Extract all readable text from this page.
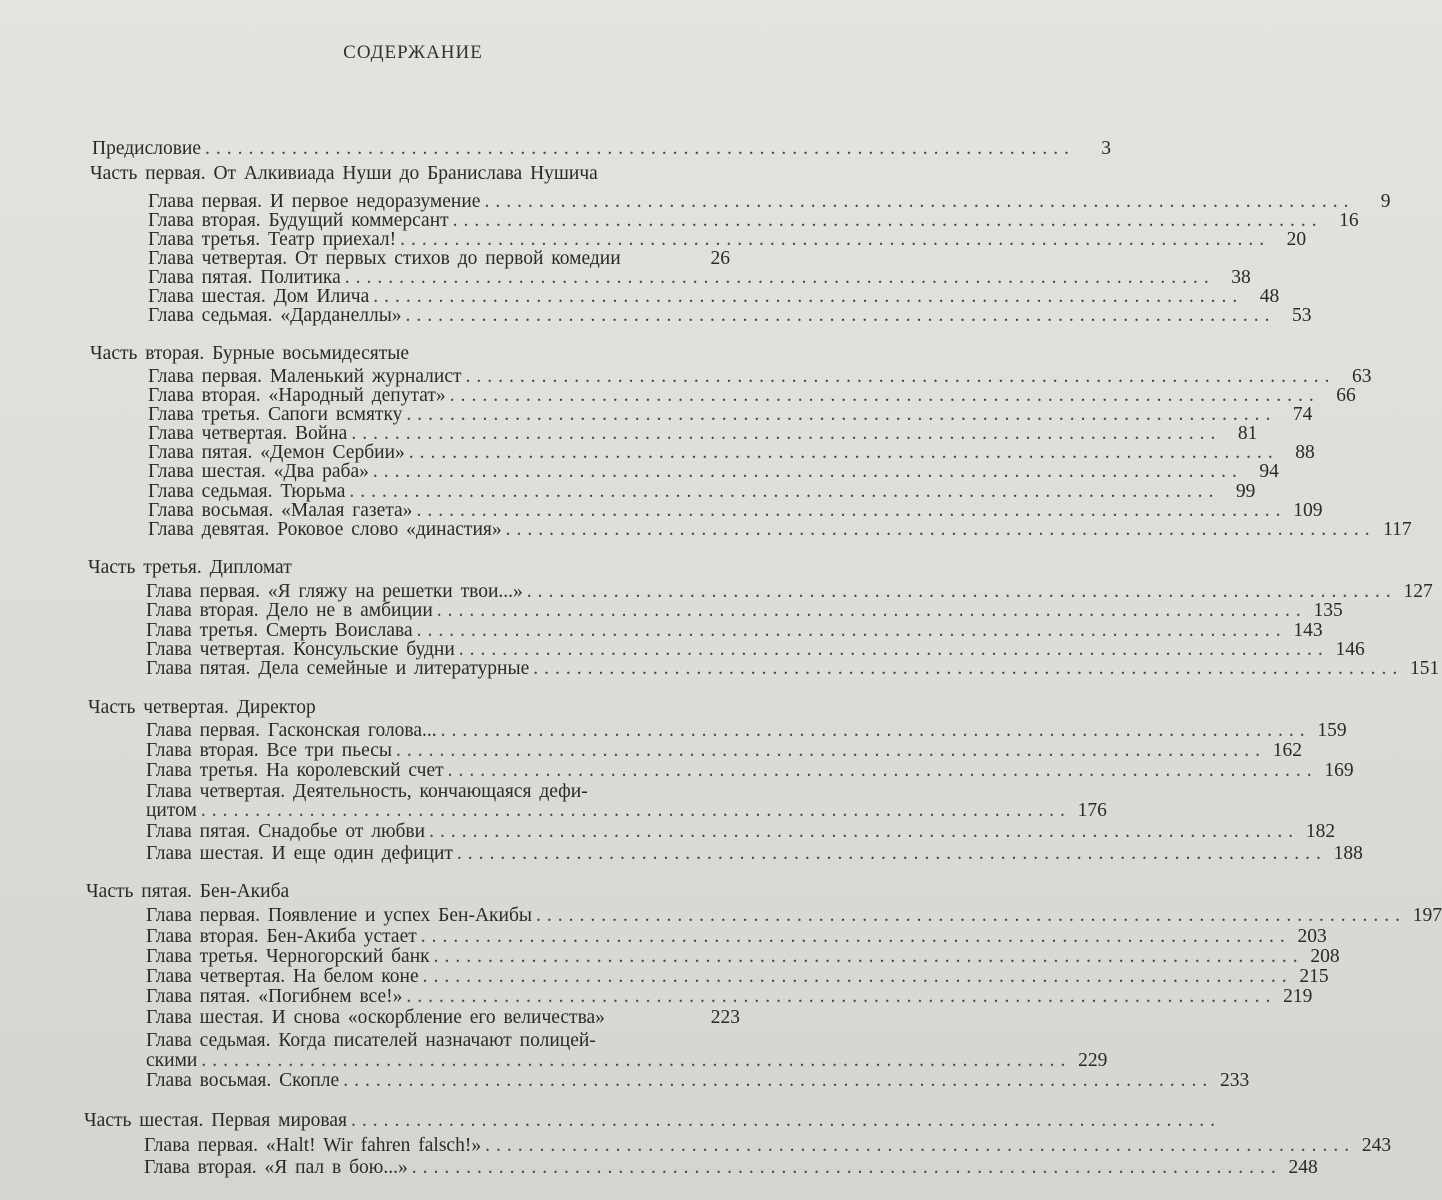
СОДЕРЖАНИЕ
Предисловие ................................................................................	3
Часть первая. От Алкивиада Нуши до Бранислава Нушича
Глава первая. И первое недоразумение ................................................................................	9
Глава вторая. Будущий коммерсант ................................................................................ 16
Глава третья. Театр приехал! ................................................................................ 20
Глава четвертая. От первых стихов до первой комедии	26
Глава пятая. Политика ................................................................................ 38
Глава шестая. Дом Илича ................................................................................ 48
Глава седьмая. «Дарданеллы» ................................................................................ 53
Часть вторая. Бурные восьмидесятые
Глава первая. Маленький журналист ................................................................................ 63
Глава вторая. «Народный депутат» ................................................................................ 66
Глава третья. Сапоги всмятку ................................................................................ 74
Глава четвертая. Война ................................................................................ 81
Глава пятая. «Демон Сербии» ................................................................................ 88
Глава шестая. «Два раба» ................................................................................ 94
Глава седьмая. Тюрьма ................................................................................ 99
Глава восьмая. «Малая газета» ................................................................................ 109
Глава девятая. Роковое слово «династия» ................................................................................ 117
Часть третья. Дипломат
Глава первая. «Я гляжу на решетки твои...» ................................................................................ 127
Глава вторая. Дело не в амбиции ................................................................................ 135
Глава третья. Смерть Воислава ................................................................................ 143
Глава четвертая. Консульские будни ................................................................................ 146
Глава пятая. Дела семейные и литературные ................................................................................ 151
Часть четвертая. Директор
Глава первая. Гасконская голова... ................................................................................ 159
Глава вторая. Все три пьесы ................................................................................ 162
Глава третья. На королевский счет ................................................................................ 169
Глава четвертая. Деятельность, кончающаяся дефи-
цитом ................................................................................ 176
Глава пятая. Снадобье от любви ................................................................................ 182
Глава шестая. И еще один дефицит ................................................................................ 188
Часть пятая. Бен-Акиба
Глава первая. Появление и успех Бен-Акибы ................................................................................ 197
Глава вторая. Бен-Акиба устает ................................................................................ 203
Глава третья. Черногорский банк ................................................................................ 208
Глава четвертая. На белом коне ................................................................................ 215
Глава пятая. «Погибнем все!» ................................................................................ 219
Глава шестая. И снова «оскорбление его величества»	223
Глава седьмая. Когда писателей назначают полицей-
скими ................................................................................ 229
Глава восьмая. Скопле ................................................................................ 233
Часть шестая. Первая мировая ................................................................................
Глава первая. «Halt! Wir fahren falsch!» ................................................................................ 243
Глава вторая. «Я пал в бою...» ................................................................................ 248
